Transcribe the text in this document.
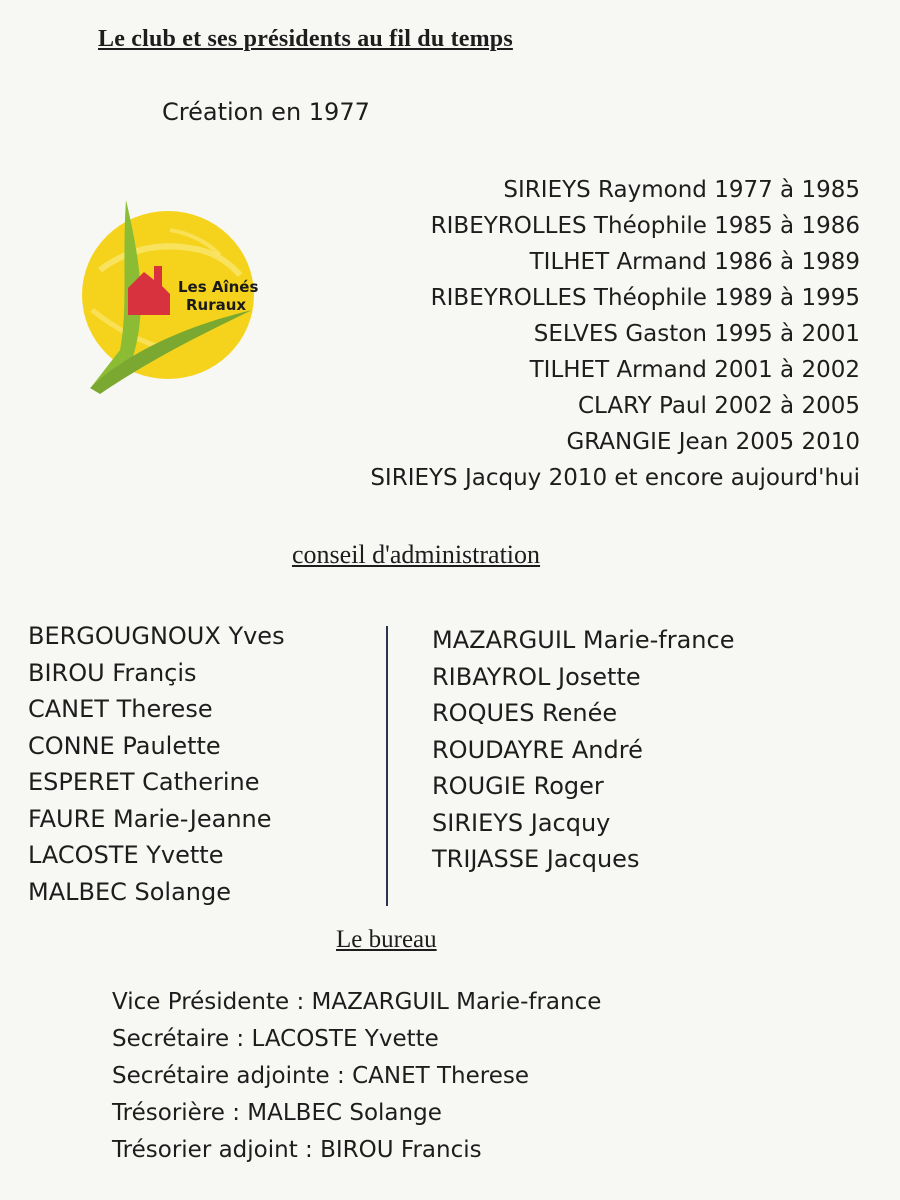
Le club et ses présidents au fil du temps
Création en 1977
Les Aînés
Ruraux
SIRIEYS Raymond 1977 à 1985
RIBEYROLLES Théophile 1985 à 1986
TILHET Armand 1986 à 1989
RIBEYROLLES Théophile 1989 à 1995
SELVES Gaston 1995 à 2001
TILHET Armand 2001 à 2002
CLARY Paul 2002 à 2005
GRANGIE Jean 2005 2010
SIRIEYS Jacquy 2010 et encore aujourd'hui
conseil d'administration
BERGOUGNOUX Yves
BIROU Françis
CANET Therese
CONNE Paulette
ESPERET Catherine
FAURE Marie-Jeanne
LACOSTE Yvette
MALBEC Solange
MAZARGUIL Marie-france
RIBAYROL Josette
ROQUES Renée
ROUDAYRE André
ROUGIE Roger
SIRIEYS Jacquy
TRIJASSE Jacques
Le bureau
Vice Présidente : MAZARGUIL Marie-france
Secrétaire : LACOSTE Yvette
Secrétaire adjointe : CANET Therese
Trésorière : MALBEC Solange
Trésorier adjoint : BIROU Francis
